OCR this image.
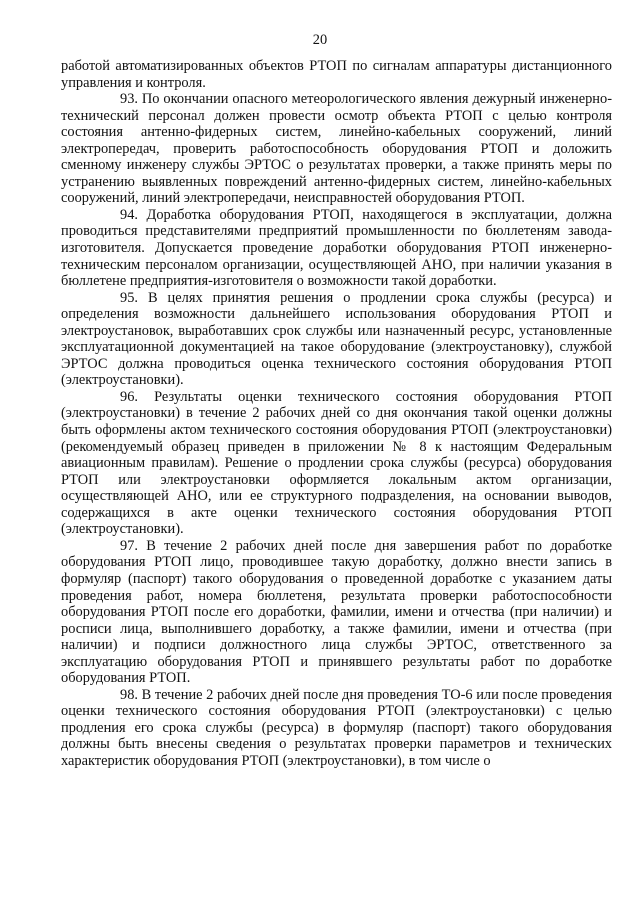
20

работой автоматизированных объектов РТОП по сигналам аппаратуры дистанционного управления и контроля.

93. По окончании опасного метеорологического явления дежурный инженерно-технический персонал должен провести осмотр объекта РТОП с целью контроля состояния антенно-фидерных систем, линейно-кабельных сооружений, линий электропередач, проверить работоспособность оборудования РТОП и доложить сменному инженеру службы ЭРТОС о результатах проверки, а также принять меры по устранению выявленных повреждений антенно-фидерных систем, линейно-кабельных сооружений, линий электропередачи, неисправностей оборудования РТОП.

94. Доработка оборудования РТОП, находящегося в эксплуатации, должна проводиться представителями предприятий промышленности по бюллетеням завода-изготовителя. Допускается проведение доработки оборудования РТОП инженерно-техническим персоналом организации, осуществляющей АНО, при наличии указания в бюллетене предприятия-изготовителя о возможности такой доработки.

95. В целях принятия решения о продлении срока службы (ресурса) и определения возможности дальнейшего использования оборудования РТОП и электроустановок, выработавших срок службы или назначенный ресурс, установленные эксплуатационной документацией на такое оборудование (электроустановку), службой ЭРТОС должна проводиться оценка технического состояния оборудования РТОП (электроустановки).

96. Результаты оценки технического состояния оборудования РТОП (электроустановки) в течение 2 рабочих дней со дня окончания такой оценки должны быть оформлены актом технического состояния оборудования РТОП (электроустановки) (рекомендуемый образец приведен в приложении № 8 к настоящим Федеральным авиационным правилам). Решение о продлении срока службы (ресурса) оборудования РТОП или электроустановки оформляется локальным актом организации, осуществляющей АНО, или ее структурного подразделения, на основании выводов, содержащихся в акте оценки технического состояния оборудования РТОП (электроустановки).

97. В течение 2 рабочих дней после дня завершения работ по доработке оборудования РТОП лицо, проводившее такую доработку, должно внести запись в формуляр (паспорт) такого оборудования о проведенной доработке с указанием даты проведения работ, номера бюллетеня, результата проверки работоспособности оборудования РТОП после его доработки, фамилии, имени и отчества (при наличии) и росписи лица, выполнившего доработку, а также фамилии, имени и отчества (при наличии) и подписи должностного лица службы ЭРТОС, ответственного за эксплуатацию оборудования РТОП и принявшего результаты работ по доработке оборудования РТОП.

98. В течение 2 рабочих дней после дня проведения ТО-6 или после проведения оценки технического состояния оборудования РТОП (электроустановки) с целью продления его срока службы (ресурса) в формуляр (паспорт) такого оборудования должны быть внесены сведения о результатах проверки параметров и технических характеристик оборудования РТОП (электроустановки), в том числе о
